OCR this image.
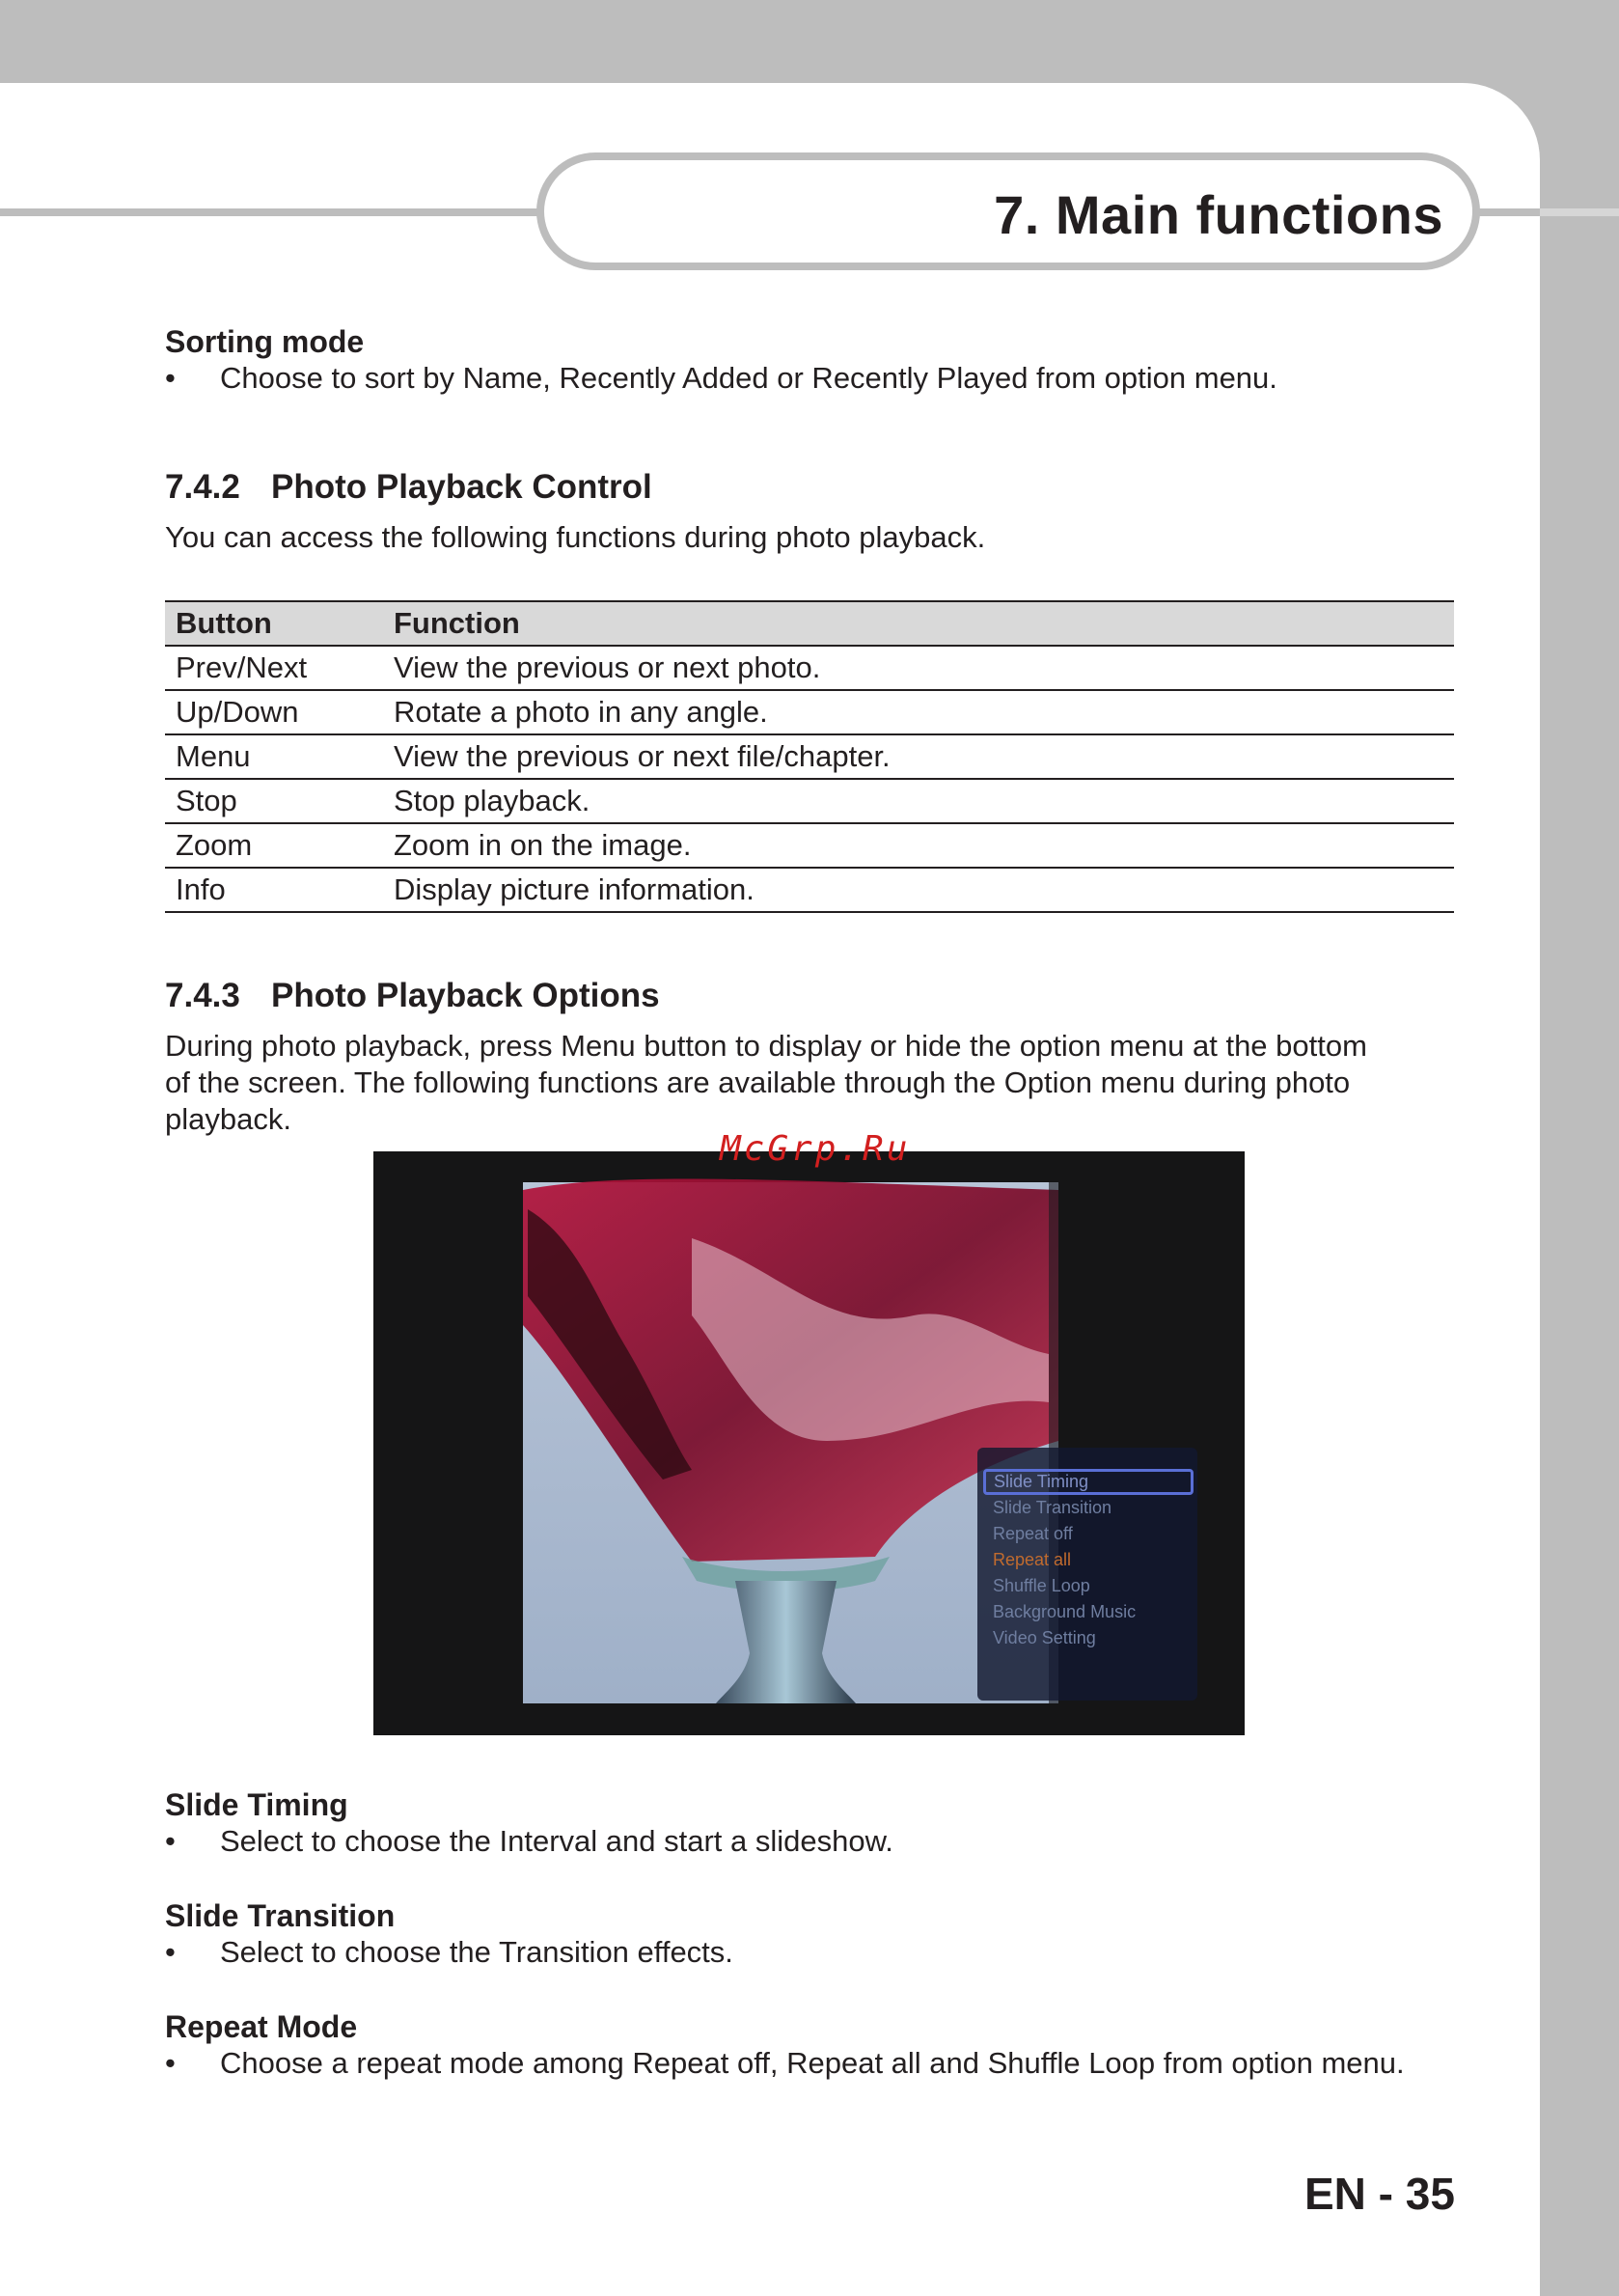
7. Main functions
Sorting mode
• Choose to sort by Name, Recently Added or Recently Played from option menu.
7.4.2 Photo Playback Control
You can access the following functions during photo playback.
Button	Function
Prev/Next	View the previous or next photo.
Up/Down	Rotate a photo in any angle.
Menu	View the previous or next file/chapter.
Stop	Stop playback.
Zoom	Zoom in on the image.
Info	Display picture information.
7.4.3 Photo Playback Options
During photo playback, press Menu button to display or hide the option menu at the bottom
of the screen. The following functions are available through the Option menu during photo
playback.
Slide Timing
Slide Transition
Repeat off
Repeat all
Shuffle Loop
Background Music
Video Setting
McGrp.Ru
Slide Timing
• Select to choose the Interval and start a slideshow.
Slide Transition
• Select to choose the Transition effects.
Repeat Mode
• Choose a repeat mode among Repeat off, Repeat all and Shuffle Loop from option menu.
EN - 35
